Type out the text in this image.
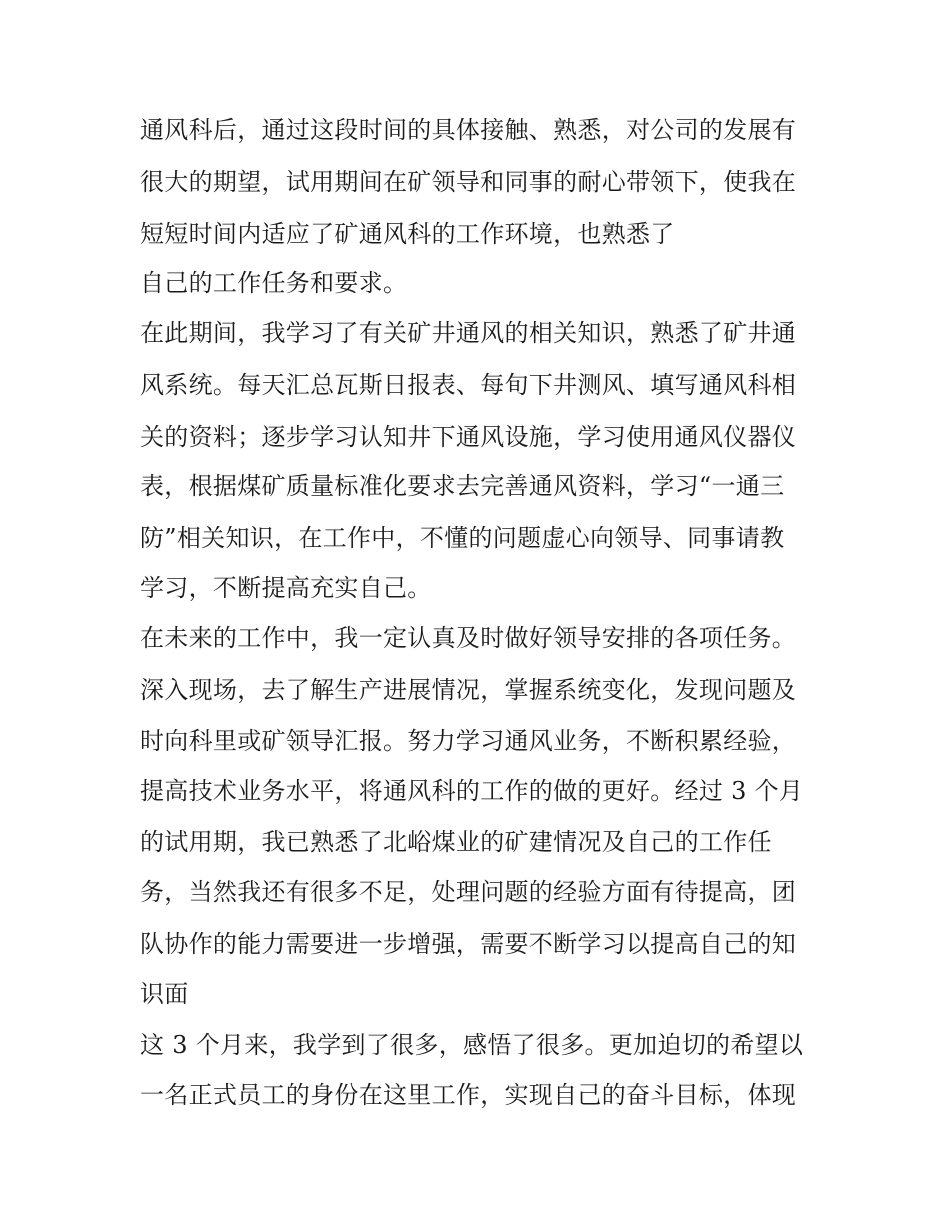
通风科后，通过这段时间的具体接触、熟悉，对公司的发展有
很大的期望，试用期间在矿领导和同事的耐心带领下，使我在
短短时间内适应了矿通风科的工作环境，也熟悉了
自己的工作任务和要求。
在此期间，我学习了有关矿井通风的相关知识，熟悉了矿井通
风系统。每天汇总瓦斯日报表、每旬下井测风、填写通风科相
关的资料；逐步学习认知井下通风设施，学习使用通风仪器仪
表，根据煤矿质量标准化要求去完善通风资料，学习“一通三
防”相关知识，在工作中，不懂的问题虚心向领导、同事请教
学习，不断提高充实自己。
在未来的工作中，我一定认真及时做好领导安排的各项任务。
深入现场，去了解生产进展情况，掌握系统变化，发现问题及
时向科里或矿领导汇报。努力学习通风业务，不断积累经验，
提高技术业务水平，将通风科的工作的做的更好。经过 3 个月
的试用期，我已熟悉了北峪煤业的矿建情况及自己的工作任
务，当然我还有很多不足，处理问题的经验方面有待提高，团
队协作的能力需要进一步增强，需要不断学习以提高自己的知
识面
这 3 个月来，我学到了很多，感悟了很多。更加迫切的希望以
一名正式员工的身份在这里工作，实现自己的奋斗目标，体现
